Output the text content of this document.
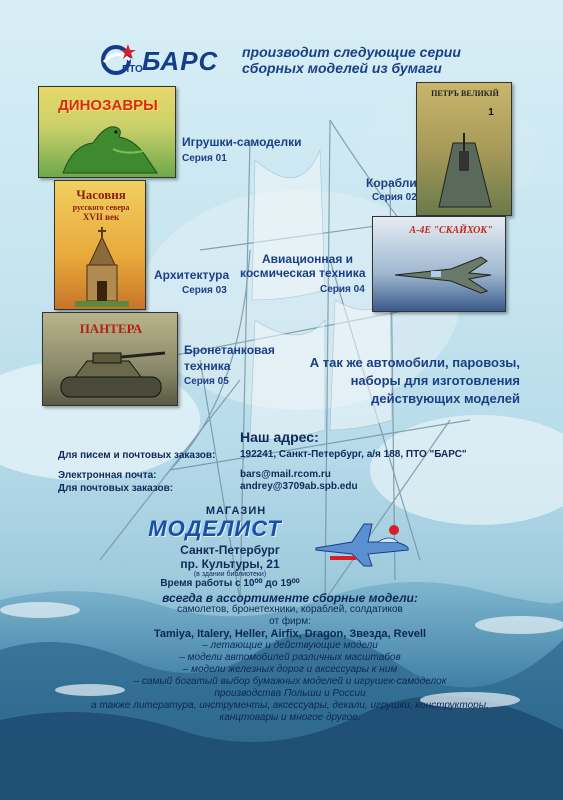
ПТО БАРС производит следующие серии
сборных моделей из бумаги
ДИНОЗАВРЫ
Часовня
русского севера
XVII век
ПЕТРЪ ВЕЛИКIЙ
1
А-4Е "СКАЙХОК"
ПАНТЕРА
Игрушки-самоделки
Серия 01
Корабли
Серия 02
Архитектура
Серия 03
Авиационная и
космическая техника
Серия 04
Бронетанковая
техника
Серия 05
А так же автомобили, паровозы,
наборы для изготовления
действующих моделей
Наш адрес:
Для писем и почтовых заказов: 192241, Санкт-Петербург, а/я 188, ПТО "БАРС"
Электронная почта:	bars@mail.rcom.ru
Для почтовых заказов:	andrey@3709ab.spb.edu
МАГАЗИН
МОДЕЛИСТ
Санкт-Петербург
пр. Культуры, 21
(в здании библиотеки)
Время работы с 10⁰⁰ до 19⁰⁰
всегда в ассортименте сборные модели:
самолетов, бронетехники, кораблей, солдатиков
от фирм:
Tamiya, Italery, Heller, Airfix, Dragon, Звезда, Revell
– летающие и действующие модели
– модели автомобилей различных масштабов
– модели железных дорог и аксессуары к ним
– самый богатый выбор бумажных моделей и игрушек-самоделок
производства Польши и России
а также литература, инструменты, аксессуары, декали, игрушки, конструкторы,
канцтовары и многое другое.
